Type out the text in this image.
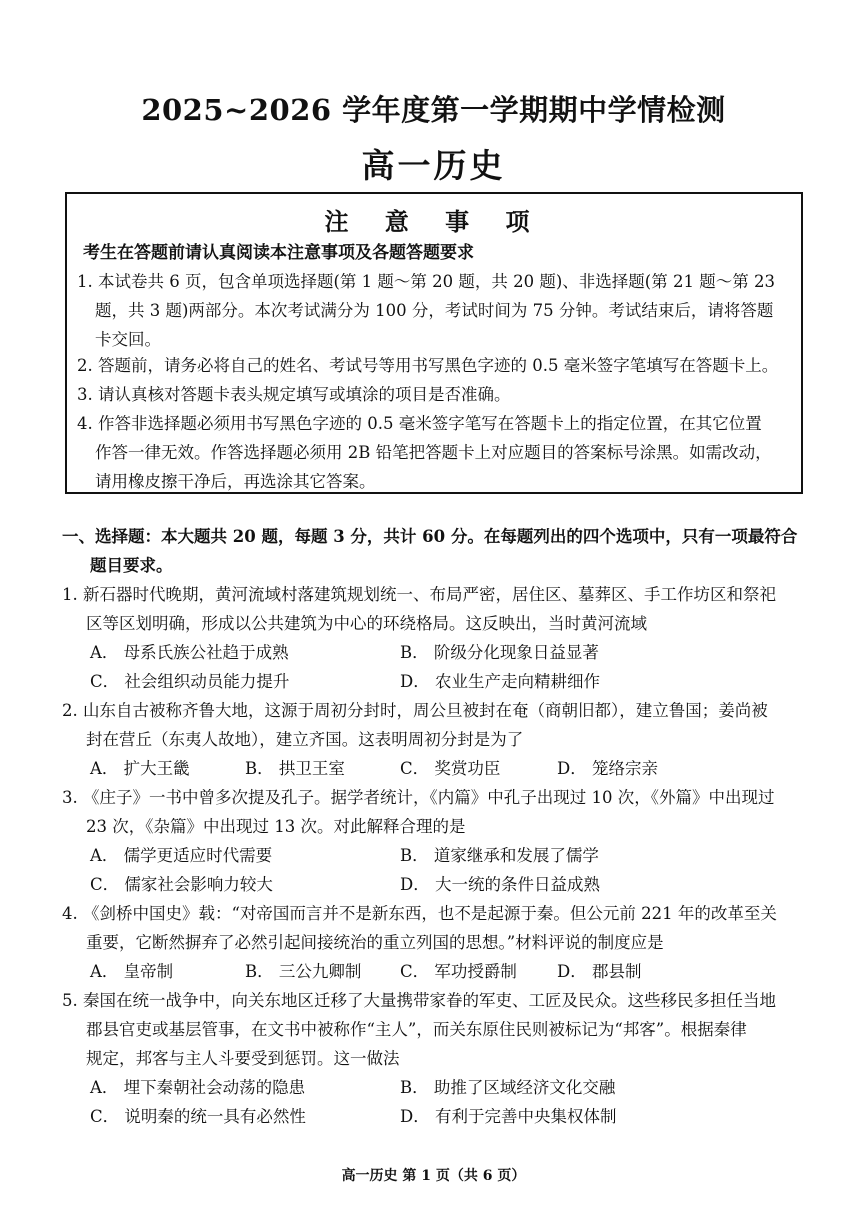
2025~2026 学年度第一学期期中学情检测
高一历史
注 意 事 项
考生在答题前请认真阅读本注意事项及各题答题要求
1. 本试卷共 6 页，包含单项选择题(第 1 题～第 20 题，共 20 题)、非选择题(第 21 题～第 23
题，共 3 题)两部分。本次考试满分为 100 分，考试时间为 75 分钟。考试结束后，请将答题
卡交回。
2. 答题前，请务必将自己的姓名、考试号等用书写黑色字迹的 0.5 毫米签字笔填写在答题卡上。
3. 请认真核对答题卡表头规定填写或填涂的项目是否准确。
4. 作答非选择题必须用书写黑色字迹的 0.5 毫米签字笔写在答题卡上的指定位置，在其它位置
作答一律无效。作答选择题必须用 2B 铅笔把答题卡上对应题目的答案标号涂黑。如需改动，
请用橡皮擦干净后，再选涂其它答案。
一、选择题：本大题共 20 题，每题 3 分，共计 60 分。在每题列出的四个选项中，只有一项最符合
题目要求。
1. 新石器时代晚期，黄河流域村落建筑规划统一、布局严密，居住区、墓葬区、手工作坊区和祭祀
区等区划明确，形成以公共建筑为中心的环绕格局。这反映出，当时黄河流域
A． 母系氏族公社趋于成熟	B． 阶级分化现象日益显著
C． 社会组织动员能力提升	D． 农业生产走向精耕细作
2. 山东自古被称齐鲁大地，这源于周初分封时，周公旦被封在奄（商朝旧都），建立鲁国；姜尚被
封在营丘（东夷人故地），建立齐国。这表明周初分封是为了
A． 扩大王畿	B． 拱卫王室	C． 奖赏功臣	D． 笼络宗亲
3. 《庄子》一书中曾多次提及孔子。据学者统计，《内篇》中孔子出现过 10 次，《外篇》中出现过
23 次，《杂篇》中出现过 13 次。对此解释合理的是
A． 儒学更适应时代需要	B． 道家继承和发展了儒学
C． 儒家社会影响力较大	D． 大一统的条件日益成熟
4. 《剑桥中国史》载：“对帝国而言并不是新东西，也不是起源于秦。但公元前 221 年的改革至关
重要，它断然摒弃了必然引起间接统治的重立列国的思想。”材料评说的制度应是
A． 皇帝制	B． 三公九卿制 C． 军功授爵制 D． 郡县制
5. 秦国在统一战争中，向关东地区迁移了大量携带家眷的军吏、工匠及民众。这些移民多担任当地
郡县官吏或基层管事，在文书中被称作“主人”，而关东原住民则被标记为“邦客”。根据秦律
规定，邦客与主人斗要受到惩罚。这一做法
A． 埋下秦朝社会动荡的隐患	B． 助推了区域经济文化交融
C． 说明秦的统一具有必然性	D． 有利于完善中央集权体制
高一历史 第 1 页（共 6 页）
